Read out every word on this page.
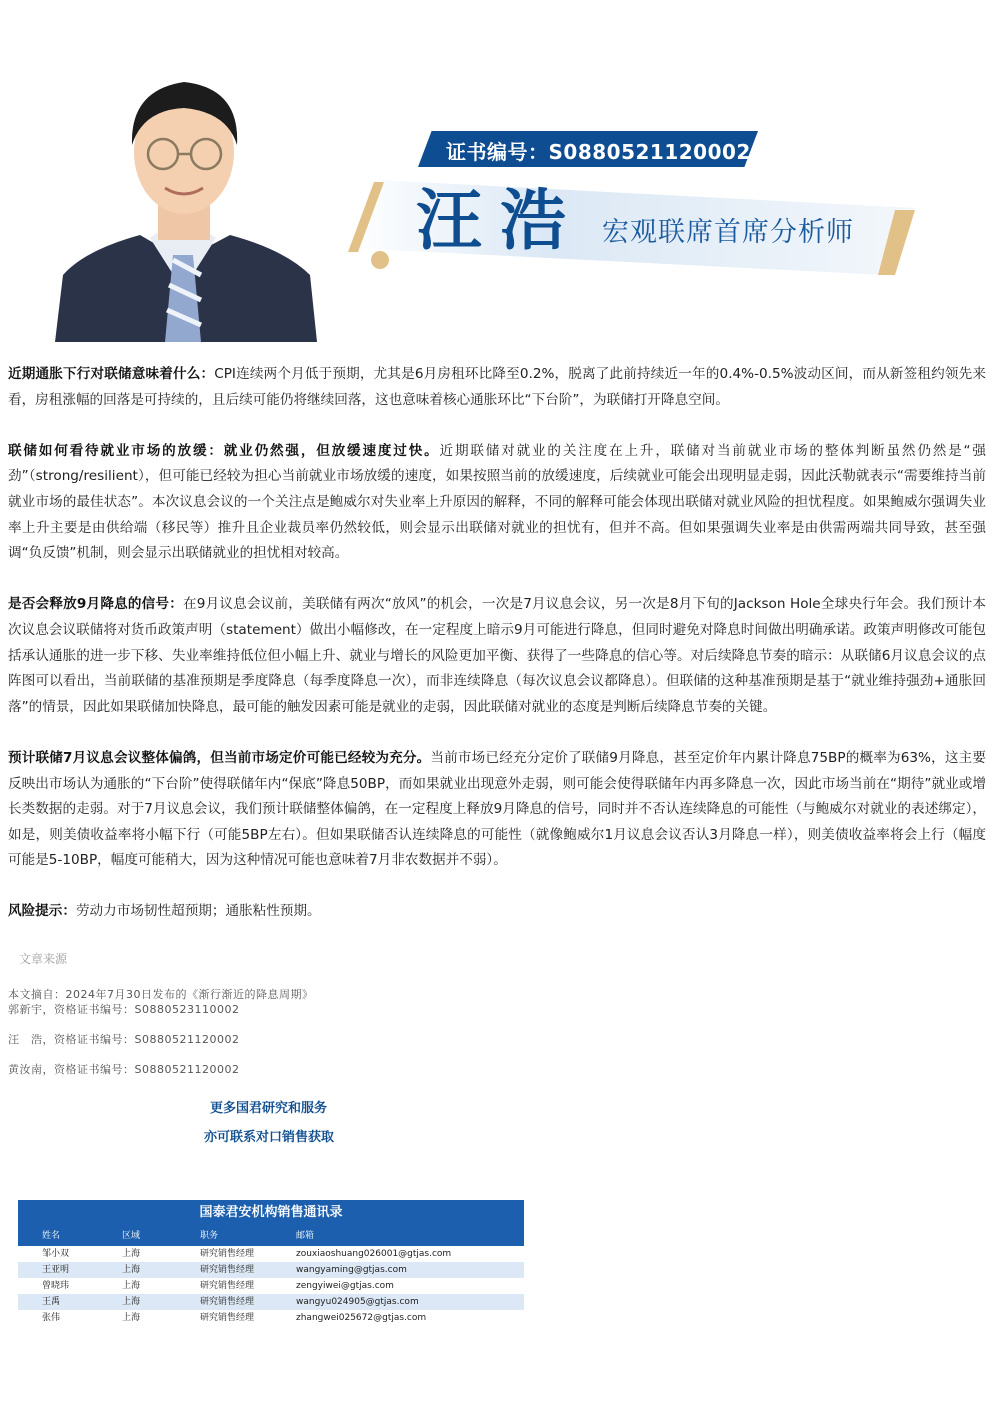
证书编号：S0880521120002
汪浩 宏观联席首席分析师

近期通胀下行对联储意味着什么：CPI连续两个月低于预期，尤其是6月房租环比降至0.2%，脱离了此前持续近一年的0.4%-0.5%波动区间，而从新签租约领先来看，房租涨幅的回落是可持续的，且后续可能仍将继续回落，这也意味着核心通胀环比“下台阶”，为联储打开降息空间。

联储如何看待就业市场的放缓：就业仍然强，但放缓速度过快。近期联储对就业的关注度在上升，联储对当前就业市场的整体判断虽然仍然是“强劲”（strong/resilient），但可能已经较为担心当前就业市场放缓的速度，如果按照当前的放缓速度，后续就业可能会出现明显走弱，因此沃勒就表示“需要维持当前就业市场的最佳状态”。本次议息会议的一个关注点是鲍威尔对失业率上升原因的解释，不同的解释可能会体现出联储对就业风险的担忧程度。如果鲍威尔强调失业率上升主要是由供给端（移民等）推升且企业裁员率仍然较低，则会显示出联储对就业的担忧有，但并不高。但如果强调失业率是由供需两端共同导致，甚至强调“负反馈”机制，则会显示出联储就业的担忧相对较高。

是否会释放9月降息的信号：在9月议息会议前，美联储有两次“放风”的机会，一次是7月议息会议，另一次是8月下旬的Jackson Hole全球央行年会。我们预计本次议息会议联储将对货币政策声明（statement）做出小幅修改，在一定程度上暗示9月可能进行降息，但同时避免对降息时间做出明确承诺。政策声明修改可能包括承认通胀的进一步下移、失业率维持低位但小幅上升、就业与增长的风险更加平衡、获得了一些降息的信心等。对后续降息节奏的暗示：从联储6月议息会议的点阵图可以看出，当前联储的基准预期是季度降息（每季度降息一次），而非连续降息（每次议息会议都降息）。但联储的这种基准预期是基于“就业维持强劲+通胀回落”的情景，因此如果联储加快降息，最可能的触发因素可能是就业的走弱，因此联储对就业的态度是判断后续降息节奏的关键。

预计联储7月议息会议整体偏鸽，但当前市场定价可能已经较为充分。当前市场已经充分定价了联储9月降息，甚至定价年内累计降息75BP的概率为63%，这主要反映出市场认为通胀的“下台阶”使得联储年内“保底”降息50BP，而如果就业出现意外走弱，则可能会使得联储年内再多降息一次，因此市场当前在“期待”就业或增长类数据的走弱。对于7月议息会议，我们预计联储整体偏鸽，在一定程度上释放9月降息的信号，同时并不否认连续降息的可能性（与鲍威尔对就业的表述绑定），如是，则美债收益率将小幅下行（可能5BP左右）。但如果联储否认连续降息的可能性（就像鲍威尔1月议息会议否认3月降息一样），则美债收益率将会上行（幅度可能是5-10BP，幅度可能稍大，因为这种情况可能也意味着7月非农数据并不弱）。

风险提示：劳动力市场韧性超预期；通胀粘性预期。

文章来源
本文摘自：2024年7月30日发布的《渐行渐近的降息周期》
郭新宇，资格证书编号：S0880523110002
汪　浩，资格证书编号：S0880521120002
黄汝南，资格证书编号：S0880521120002
更多国君研究和服务
亦可联系对口销售获取
国泰君安机构销售通讯录
姓名	区域	职务	邮箱
邹小双	上海	研究销售经理	zouxiaoshuang026001@gtjas.com
王亚明	上海	研究销售经理	wangyaming@gtjas.com
曾晓玮	上海	研究销售经理	zengyiwei@gtjas.com
王禹	上海	研究销售经理	wangyu024905@gtjas.com
张伟	上海	研究销售经理	zhangwei025672@gtjas.com
